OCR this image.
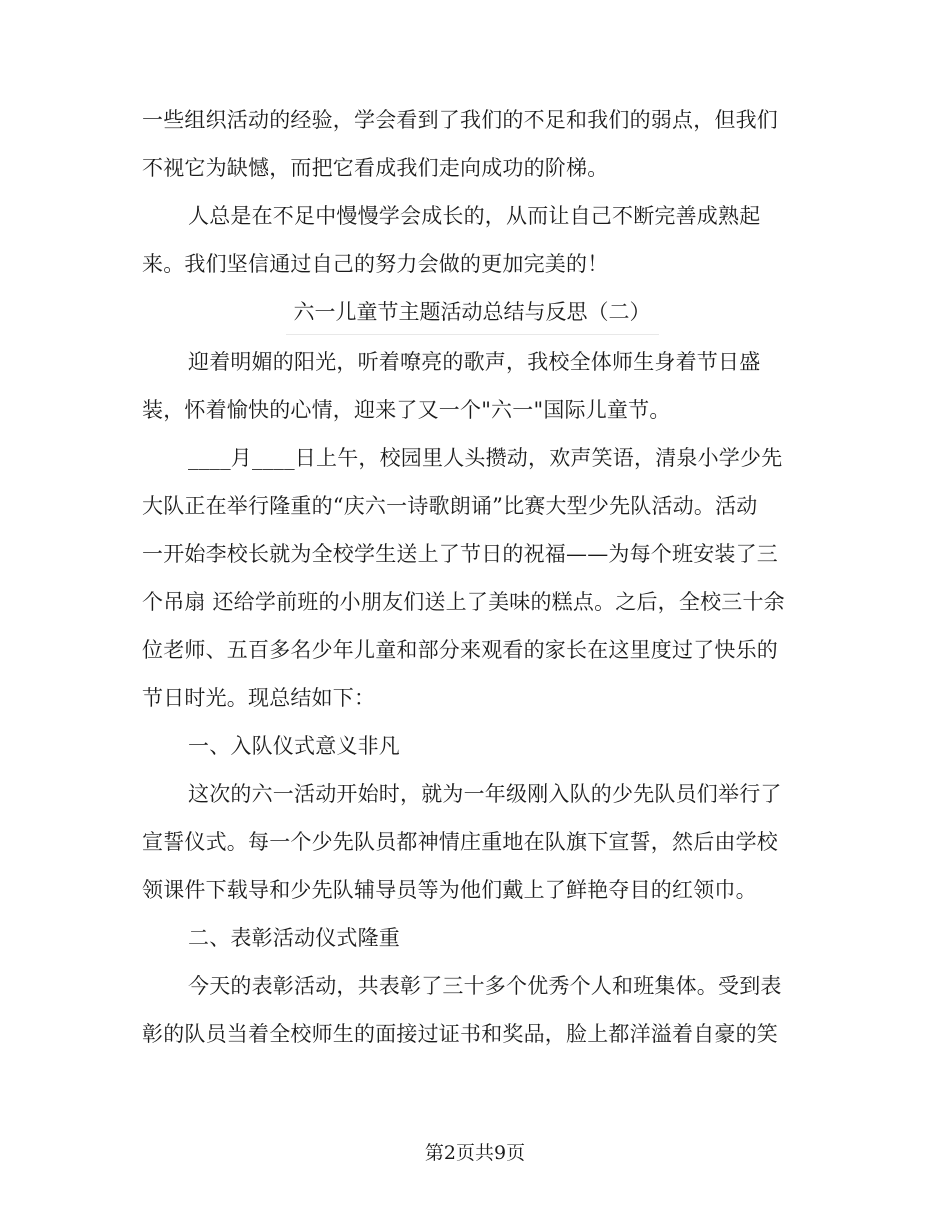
一些组织活动的经验，学会看到了我们的不足和我们的弱点，但我们
不视它为缺憾，而把它看成我们走向成功的阶梯。
人总是在不足中慢慢学会成长的，从而让自己不断完善成熟起
来。我们坚信通过自己的努力会做的更加完美的！
六一儿童节主题活动总结与反思（二）
迎着明媚的阳光，听着嘹亮的歌声，我校全体师生身着节日盛
装，怀着愉快的心情，迎来了又一个"六一"国际儿童节。
____月____日上午，校园里人头攒动，欢声笑语，清泉小学少先
大队正在举行隆重的“庆六一诗歌朗诵”比赛大型少先队活动。活动
一开始李校长就为全校学生送上了节日的祝福——为每个班安装了三
个吊扇 还给学前班的小朋友们送上了美味的糕点。之后，全校三十余
位老师、五百多名少年儿童和部分来观看的家长在这里度过了快乐的
节日时光。现总结如下：
一、入队仪式意义非凡
这次的六一活动开始时，就为一年级刚入队的少先队员们举行了
宣誓仪式。每一个少先队员都神情庄重地在队旗下宣誓，然后由学校
领课件下载导和少先队辅导员等为他们戴上了鲜艳夺目的红领巾。
二、表彰活动仪式隆重
今天的表彰活动，共表彰了三十多个优秀个人和班集体。受到表
彰的队员当着全校师生的面接过证书和奖品，脸上都洋溢着自豪的笑
第2页共9页
